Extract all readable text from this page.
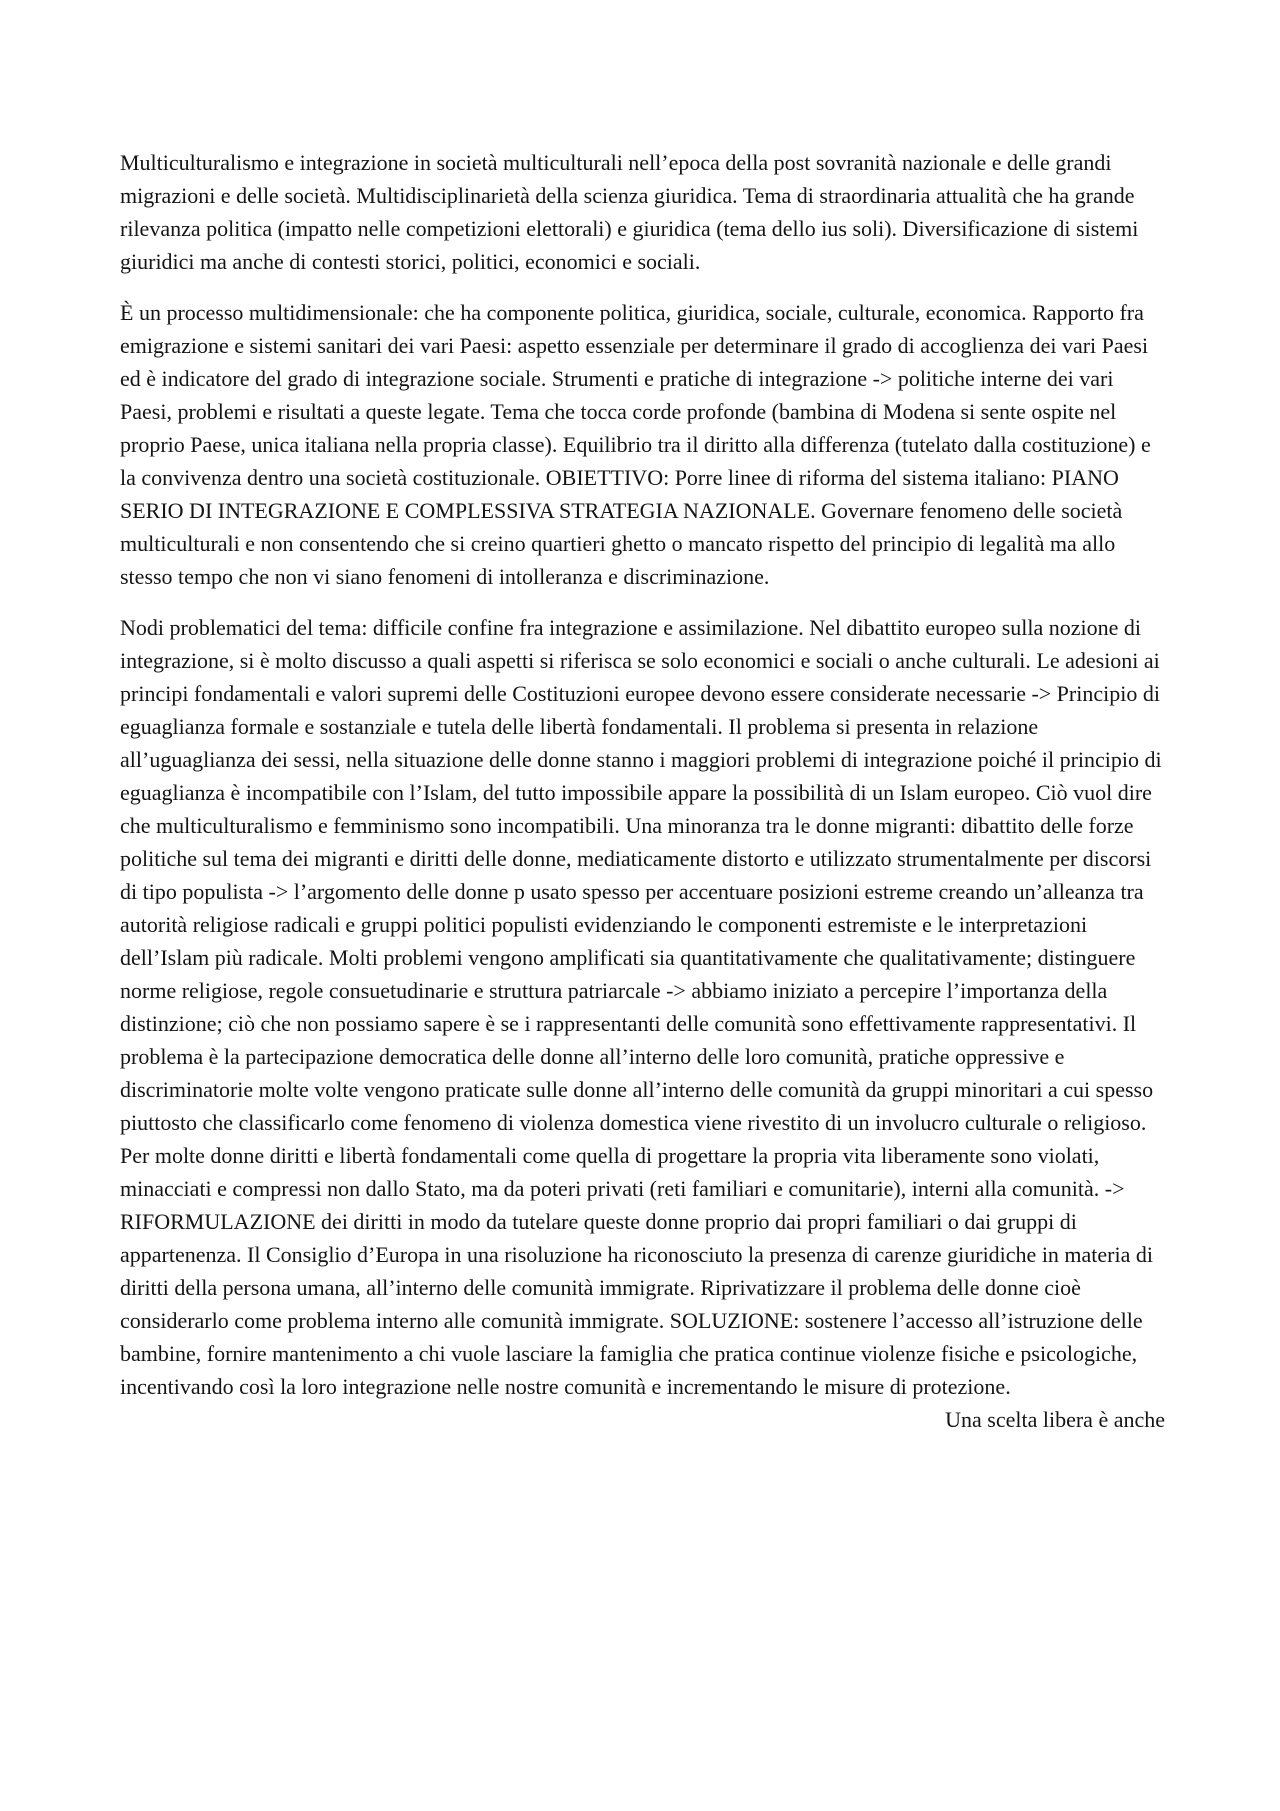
Multiculturalismo e integrazione in società multiculturali nell’epoca della post sovranità nazionale e delle grandi migrazioni e delle società. Multidisciplinarietà della scienza giuridica. Tema di straordinaria attualità che ha grande rilevanza politica (impatto nelle competizioni elettorali) e giuridica (tema dello ius soli). Diversificazione di sistemi giuridici ma anche di contesti storici, politici, economici e sociali.

È un processo multidimensionale: che ha componente politica, giuridica, sociale, culturale, economica. Rapporto fra emigrazione e sistemi sanitari dei vari Paesi: aspetto essenziale per determinare il grado di accoglienza dei vari Paesi ed è indicatore del grado di integrazione sociale. Strumenti e pratiche di integrazione -> politiche interne dei vari Paesi, problemi e risultati a queste legate. Tema che tocca corde profonde (bambina di Modena si sente ospite nel proprio Paese, unica italiana nella propria classe). Equilibrio tra il diritto alla differenza (tutelato dalla costituzione) e la convivenza dentro una società costituzionale. OBIETTIVO: Porre linee di riforma del sistema italiano: PIANO SERIO DI INTEGRAZIONE E COMPLESSIVA STRATEGIA NAZIONALE. Governare fenomeno delle società multiculturali e non consentendo che si creino quartieri ghetto o mancato rispetto del principio di legalità ma allo stesso tempo che non vi siano fenomeni di intolleranza e discriminazione.

Nodi problematici del tema: difficile confine fra integrazione e assimilazione. Nel dibattito europeo sulla nozione di integrazione, si è molto discusso a quali aspetti si riferisca se solo economici e sociali o anche culturali. Le adesioni ai principi fondamentali e valori supremi delle Costituzioni europee devono essere considerate necessarie -> Principio di eguaglianza formale e sostanziale e tutela delle libertà fondamentali. Il problema si presenta in relazione all’uguaglianza dei sessi, nella situazione delle donne stanno i maggiori problemi di integrazione poiché il principio di eguaglianza è incompatibile con l’Islam, del tutto impossibile appare la possibilità di un Islam europeo. Ciò vuol dire che multiculturalismo e femminismo sono incompatibili. Una minoranza tra le donne migranti: dibattito delle forze politiche sul tema dei migranti e diritti delle donne, mediaticamente distorto e utilizzato strumentalmente per discorsi di tipo populista -> l’argomento delle donne p usato spesso per accentuare posizioni estreme creando un’alleanza tra autorità religiose radicali e gruppi politici populisti evidenziando le componenti estremiste e le interpretazioni dell’Islam più radicale. Molti problemi vengono amplificati sia quantitativamente che qualitativamente; distinguere norme religiose, regole consuetudinarie e struttura patriarcale -> abbiamo iniziato a percepire l’importanza della distinzione; ciò che non possiamo sapere è se i rappresentanti delle comunità sono effettivamente rappresentativi. Il problema è la partecipazione democratica delle donne all’interno delle loro comunità, pratiche oppressive e discriminatorie molte volte vengono praticate sulle donne all’interno delle comunità da gruppi minoritari a cui spesso piuttosto che classificarlo come fenomeno di violenza domestica viene rivestito di un involucro culturale o religioso. Per molte donne diritti e libertà fondamentali come quella di progettare la propria vita liberamente sono violati, minacciati e compressi non dallo Stato, ma da poteri privati (reti familiari e comunitarie), interni alla comunità. -> RIFORMULAZIONE dei diritti in modo da tutelare queste donne proprio dai propri familiari o dai gruppi di appartenenza. Il Consiglio d’Europa in una risoluzione ha riconosciuto la presenza di carenze giuridiche in materia di diritti della persona umana, all’interno delle comunità immigrate. Riprivatizzare il problema delle donne cioè considerarlo come problema interno alle comunità immigrate. SOLUZIONE: sostenere l’accesso all’istruzione delle bambine, fornire mantenimento a chi vuole lasciare la famiglia che pratica continue violenze fisiche e psicologiche, incentivando così la loro integrazione nelle nostre comunità e incrementando le misure di protezione.
Una scelta libera è anche
